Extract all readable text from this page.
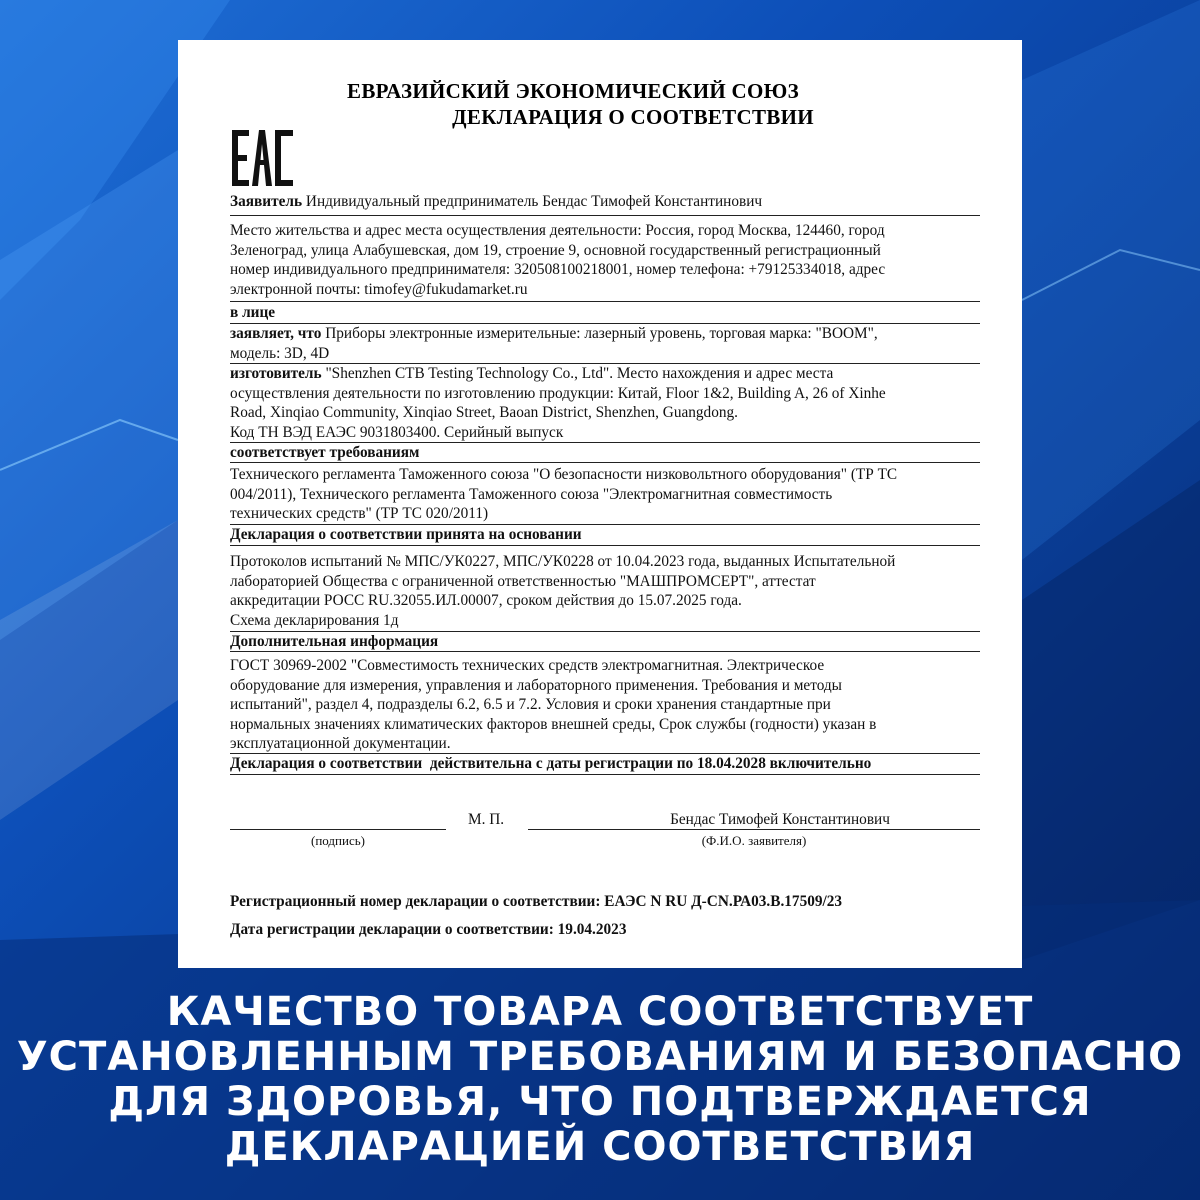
ЕВРАЗИЙСКИЙ ЭКОНОМИЧЕСКИЙ СОЮЗ
ДЕКЛАРАЦИЯ О СООТВЕТСТВИИ
Заявитель Индивидуальный предприниматель Бендас Тимофей Константинович
Место жительства и адрес места осуществления деятельности: Россия, город Москва, 124460, город
Зеленоград, улица Алабушевская, дом 19, строение 9, основной государственный регистрационный
номер индивидуального предпринимателя: 320508100218001, номер телефона: +79125334018, адрес
электронной почты: timofey@fukudamarket.ru
в лице
заявляет, что Приборы электронные измерительные: лазерный уровень, торговая марка: "BOOM",
модель: 3D, 4D
изготовитель "Shenzhen CTB Testing Technology Co., Ltd". Место нахождения и адрес места
осуществления деятельности по изготовлению продукции: Китай, Floor 1&2, Building A, 26 of Xinhe
Road, Xinqiao Community, Xinqiao Street, Baoan District, Shenzhen, Guangdong.
Код ТН ВЭД ЕАЭС 9031803400. Серийный выпуск
соответствует требованиям
Технического регламента Таможенного союза "О безопасности низковольтного оборудования" (ТР ТС
004/2011), Технического регламента Таможенного союза "Электромагнитная совместимость
технических средств" (ТР ТС 020/2011)
Декларация о соответствии принята на основании
Протоколов испытаний № МПС/УК0227, МПС/УК0228 от 10.04.2023 года, выданных Испытательной
лабораторией Общества с ограниченной ответственностью "МАШПРОМСЕРТ", аттестат
аккредитации РОСС RU.32055.ИЛ.00007, сроком действия до 15.07.2025 года.
Схема декларирования 1д
Дополнительная информация
ГОСТ 30969-2002 "Совместимость технических средств электромагнитная. Электрическое
оборудование для измерения, управления и лабораторного применения. Требования и методы
испытаний", раздел 4, подразделы 6.2, 6.5 и 7.2. Условия и сроки хранения стандартные при
нормальных значениях климатических факторов внешней среды, Срок службы (годности) указан в
эксплуатационной документации.
Декларация о соответствии  действительна с даты регистрации по 18.04.2028 включительно
М. П.	Бендас Тимофей Константинович
(подпись)	(Ф.И.О. заявителя)
Регистрационный номер декларации о соответствии: ЕАЭС N RU Д-CN.РА03.В.17509/23
Дата регистрации декларации о соответствии: 19.04.2023
КАЧЕСТВО ТОВАРА СООТВЕТСТВУЕТ
УСТАНОВЛЕННЫМ ТРЕБОВАНИЯМ И БЕЗОПАСНО
ДЛЯ ЗДОРОВЬЯ, ЧТО ПОДТВЕРЖДАЕТСЯ
ДЕКЛАРАЦИЕЙ СООТВЕТСТВИЯ
